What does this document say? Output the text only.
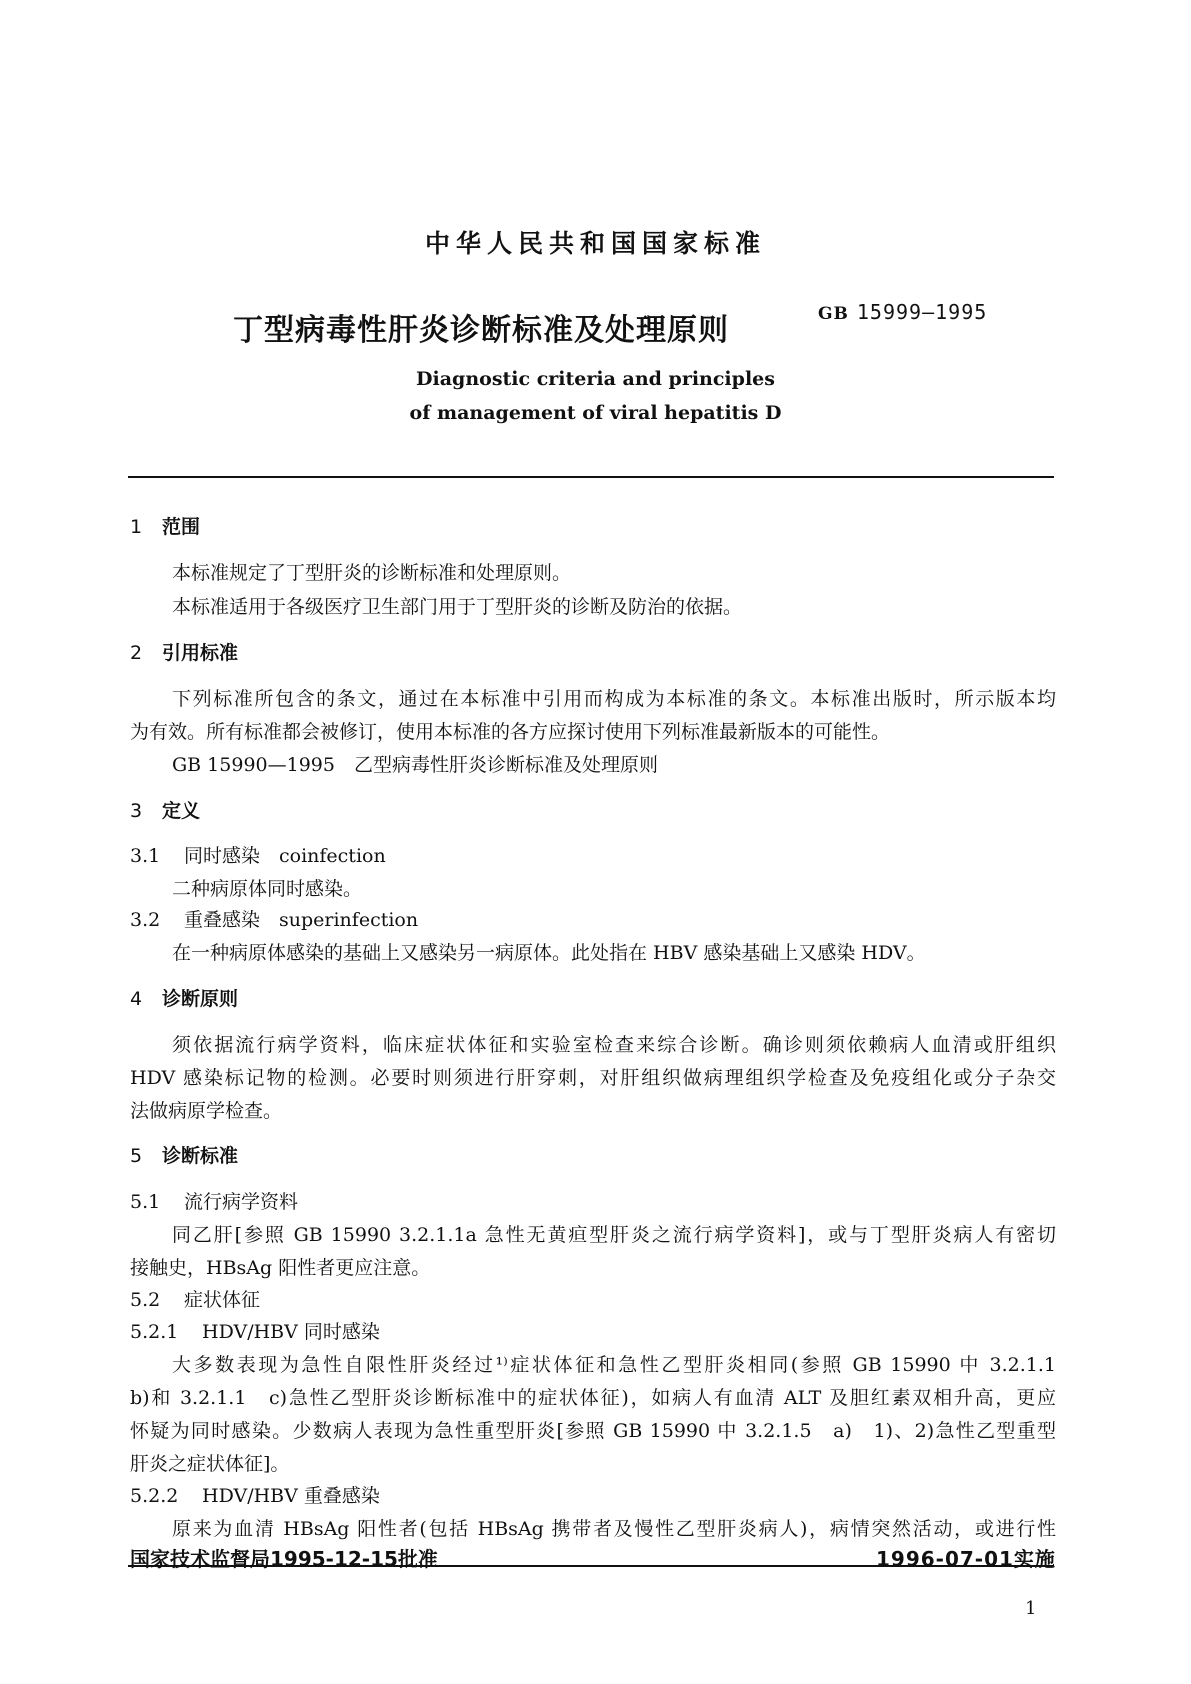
中华人民共和国国家标准
丁型病毒性肝炎诊断标准及处理原则	GB 15999—1995
Diagnostic criteria and principles
of management of viral hepatitis D
1 范围
本标准规定了丁型肝炎的诊断标准和处理原则。
本标准适用于各级医疗卫生部门用于丁型肝炎的诊断及防治的依据。
2 引用标准
下列标准所包含的条文，通过在本标准中引用而构成为本标准的条文。本标准出版时，所示版本均
为有效。所有标准都会被修订，使用本标准的各方应探讨使用下列标准最新版本的可能性。
GB 15990—1995　乙型病毒性肝炎诊断标准及处理原则
3 定义
3.1 同时感染　coinfection
二种病原体同时感染。
3.2 重叠感染　superinfection
在一种病原体感染的基础上又感染另一病原体。此处指在 HBV 感染基础上又感染 HDV。
4 诊断原则
须依据流行病学资料，临床症状体征和实验室检查来综合诊断。确诊则须依赖病人血清或肝组织
HDV 感染标记物的检测。必要时则须进行肝穿刺，对肝组织做病理组织学检查及免疫组化或分子杂交
法做病原学检查。
5 诊断标准
5.1 流行病学资料
同乙肝[参照 GB 15990 3.2.1.1a 急性无黄疸型肝炎之流行病学资料]，或与丁型肝炎病人有密切
接触史，HBsAg 阳性者更应注意。
5.2 症状体征
5.2.1 HDV/HBV 同时感染
大多数表现为急性自限性肝炎经过¹⁾症状体征和急性乙型肝炎相同(参照 GB 15990 中 3.2.1.1
b)和 3.2.1.1　c)急性乙型肝炎诊断标准中的症状体征)，如病人有血清 ALT 及胆红素双相升高，更应
怀疑为同时感染。少数病人表现为急性重型肝炎[参照 GB 15990 中 3.2.1.5　a)　1)、2)急性乙型重型
肝炎之症状体征]。
5.2.2 HDV/HBV 重叠感染
原来为血清 HBsAg 阳性者(包括 HBsAg 携带者及慢性乙型肝炎病人)，病情突然活动，或进行性
国家技术监督局1995-12-15批准	1996-07-01实施
1
